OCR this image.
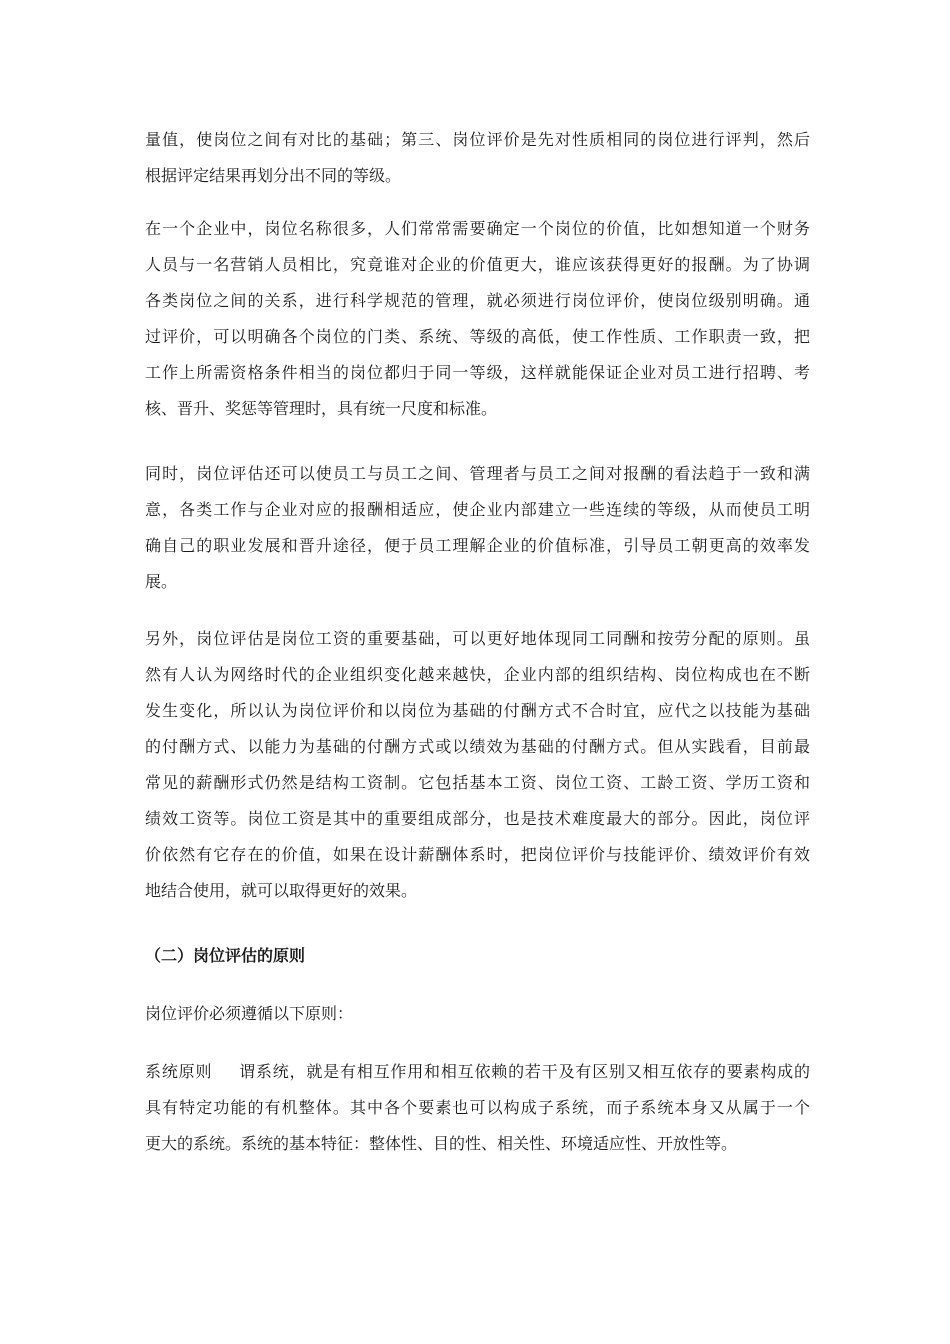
量值，使岗位之间有对比的基础；第三、岗位评价是先对性质相同的岗位进行评判，然后
根据评定结果再划分出不同的等级。
在一个企业中，岗位名称很多，人们常常需要确定一个岗位的价值，比如想知道一个财务
人员与一名营销人员相比，究竟谁对企业的价值更大，谁应该获得更好的报酬。为了协调
各类岗位之间的关系，进行科学规范的管理，就必须进行岗位评价，使岗位级别明确。通
过评价，可以明确各个岗位的门类、系统、等级的高低，使工作性质、工作职责一致，把
工作上所需资格条件相当的岗位都归于同一等级，这样就能保证企业对员工进行招聘、考
核、晋升、奖惩等管理时，具有统一尺度和标准。
同时，岗位评估还可以使员工与员工之间、管理者与员工之间对报酬的看法趋于一致和满
意，各类工作与企业对应的报酬相适应，使企业内部建立一些连续的等级，从而使员工明
确自己的职业发展和晋升途径，便于员工理解企业的价值标准，引导员工朝更高的效率发
展。
另外，岗位评估是岗位工资的重要基础，可以更好地体现同工同酬和按劳分配的原则。虽
然有人认为网络时代的企业组织变化越来越快，企业内部的组织结构、岗位构成也在不断
发生变化，所以认为岗位评价和以岗位为基础的付酬方式不合时宜，应代之以技能为基础
的付酬方式、以能力为基础的付酬方式或以绩效为基础的付酬方式。但从实践看，目前最
常见的薪酬形式仍然是结构工资制。它包括基本工资、岗位工资、工龄工资、学历工资和
绩效工资等。岗位工资是其中的重要组成部分，也是技术难度最大的部分。因此，岗位评
价依然有它存在的价值，如果在设计薪酬体系时，把岗位评价与技能评价、绩效评价有效
地结合使用，就可以取得更好的效果。
（二）岗位评估的原则
岗位评价必须遵循以下原则：
系统原则 谓系统，就是有相互作用和相互依赖的若干及有区别又相互依存的要素构成的
具有特定功能的有机整体。其中各个要素也可以构成子系统，而子系统本身又从属于一个
更大的系统。系统的基本特征：整体性、目的性、相关性、环境适应性、开放性等。
